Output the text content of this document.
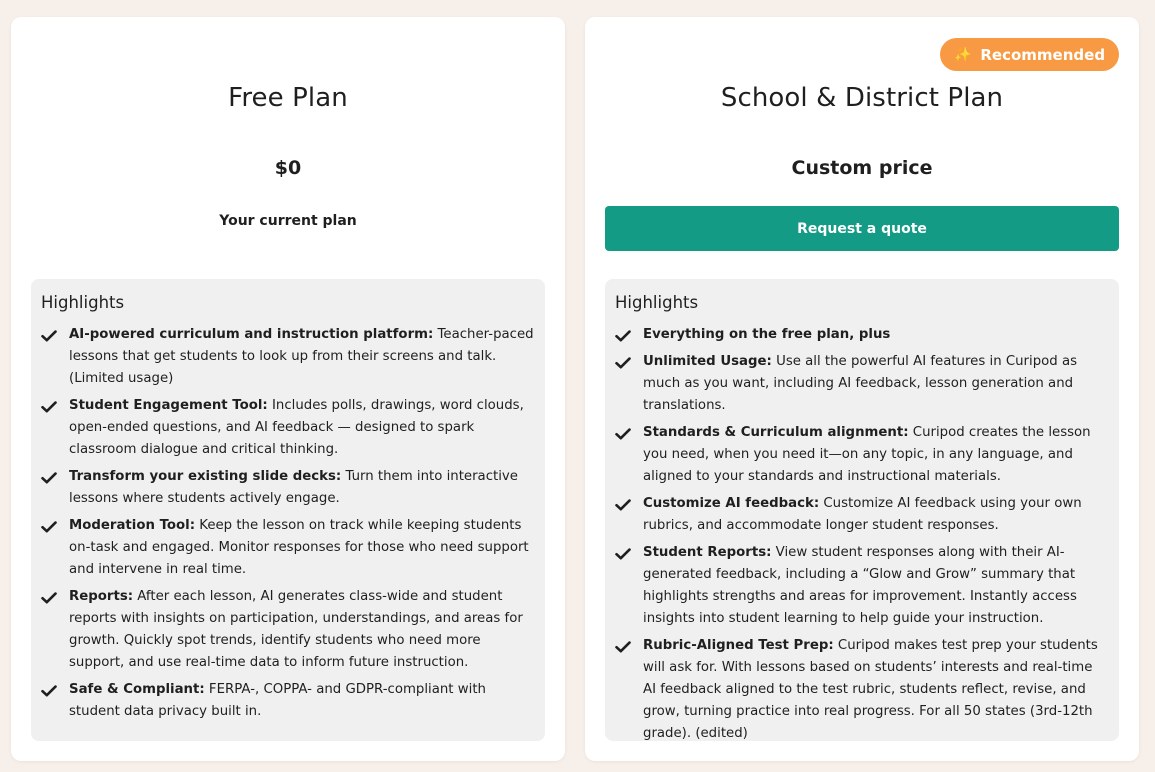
Free Plan
$0
Your current plan
Highlights
AI-powered curriculum and instruction platform: Teacher-paced lessons that get students to look up from their screens and talk. (Limited usage)
Student Engagement Tool: Includes polls, drawings, word clouds, open-ended questions, and AI feedback — designed to spark classroom dialogue and critical thinking.
Transform your existing slide decks: Turn them into interactive lessons where students actively engage.
Moderation Tool: Keep the lesson on track while keeping students on-task and engaged. Monitor responses for those who need support and intervene in real time.
Reports: After each lesson, AI generates class-wide and student reports with insights on participation, understandings, and areas for growth. Quickly spot trends, identify students who need more support, and use real-time data to inform future instruction.
Safe & Compliant: FERPA-, COPPA- and GDPR-compliant with student data privacy built in.
✨ Recommended
School & District Plan
Custom price
Request a quote
Highlights
Everything on the free plan, plus
Unlimited Usage: Use all the powerful AI features in Curipod as much as you want, including AI feedback, lesson generation and translations.
Standards & Curriculum alignment: Curipod creates the lesson you need, when you need it—on any topic, in any language, and aligned to your standards and instructional materials.
Customize AI feedback: Customize AI feedback using your own rubrics, and accommodate longer student responses.
Student Reports: View student responses along with their AI-generated feedback, including a “Glow and Grow” summary that highlights strengths and areas for improvement. Instantly access insights into student learning to help guide your instruction.
Rubric-Aligned Test Prep: Curipod makes test prep your students will ask for. With lessons based on students’ interests and real-time AI feedback aligned to the test rubric, students reflect, revise, and grow, turning practice into real progress. For all 50 states (3rd-12th grade). (edited)
